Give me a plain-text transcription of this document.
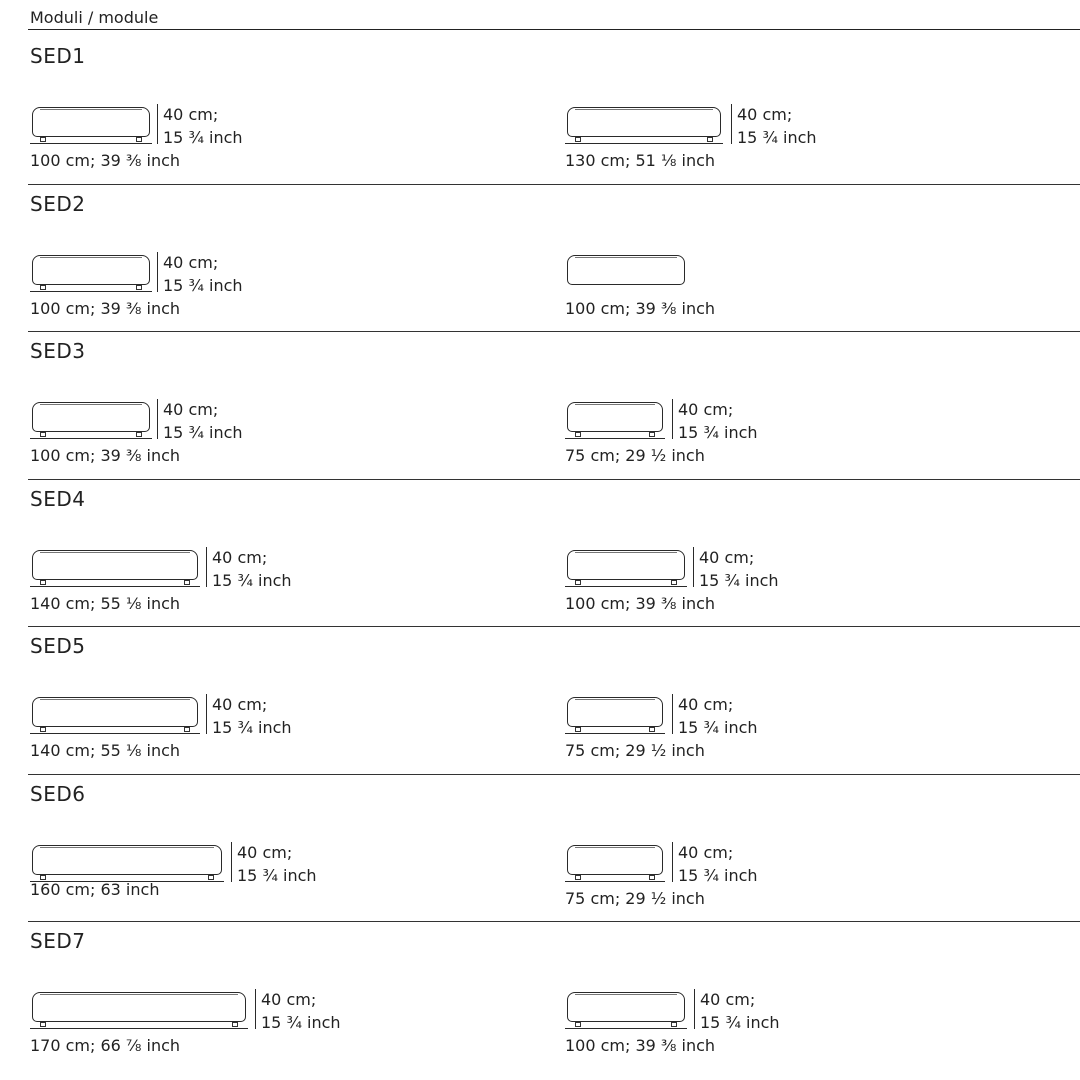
Moduli / module
SED1
40 cm;
15 ¾ inch
100 cm; 39 ⅜ inch
40 cm;
15 ¾ inch
130 cm; 51 ⅛ inch
SED2
40 cm;
15 ¾ inch
100 cm; 39 ⅜ inch	100 cm; 39 ⅜ inch
SED3
40 cm;
15 ¾ inch
100 cm; 39 ⅜ inch
40 cm;
15 ¾ inch
75 cm; 29 ½ inch
SED4
40 cm;
15 ¾ inch
140 cm; 55 ⅛ inch
40 cm;
15 ¾ inch
100 cm; 39 ⅜ inch
SED5
40 cm;
15 ¾ inch
140 cm; 55 ⅛ inch
40 cm;
15 ¾ inch
75 cm; 29 ½ inch
SED6
40 cm;
15 ¾ inch
160 cm; 63 inch
40 cm;
15 ¾ inch
75 cm; 29 ½ inch
SED7
40 cm;
15 ¾ inch
170 cm; 66 ⅞ inch
40 cm;
15 ¾ inch
100 cm; 39 ⅜ inch
